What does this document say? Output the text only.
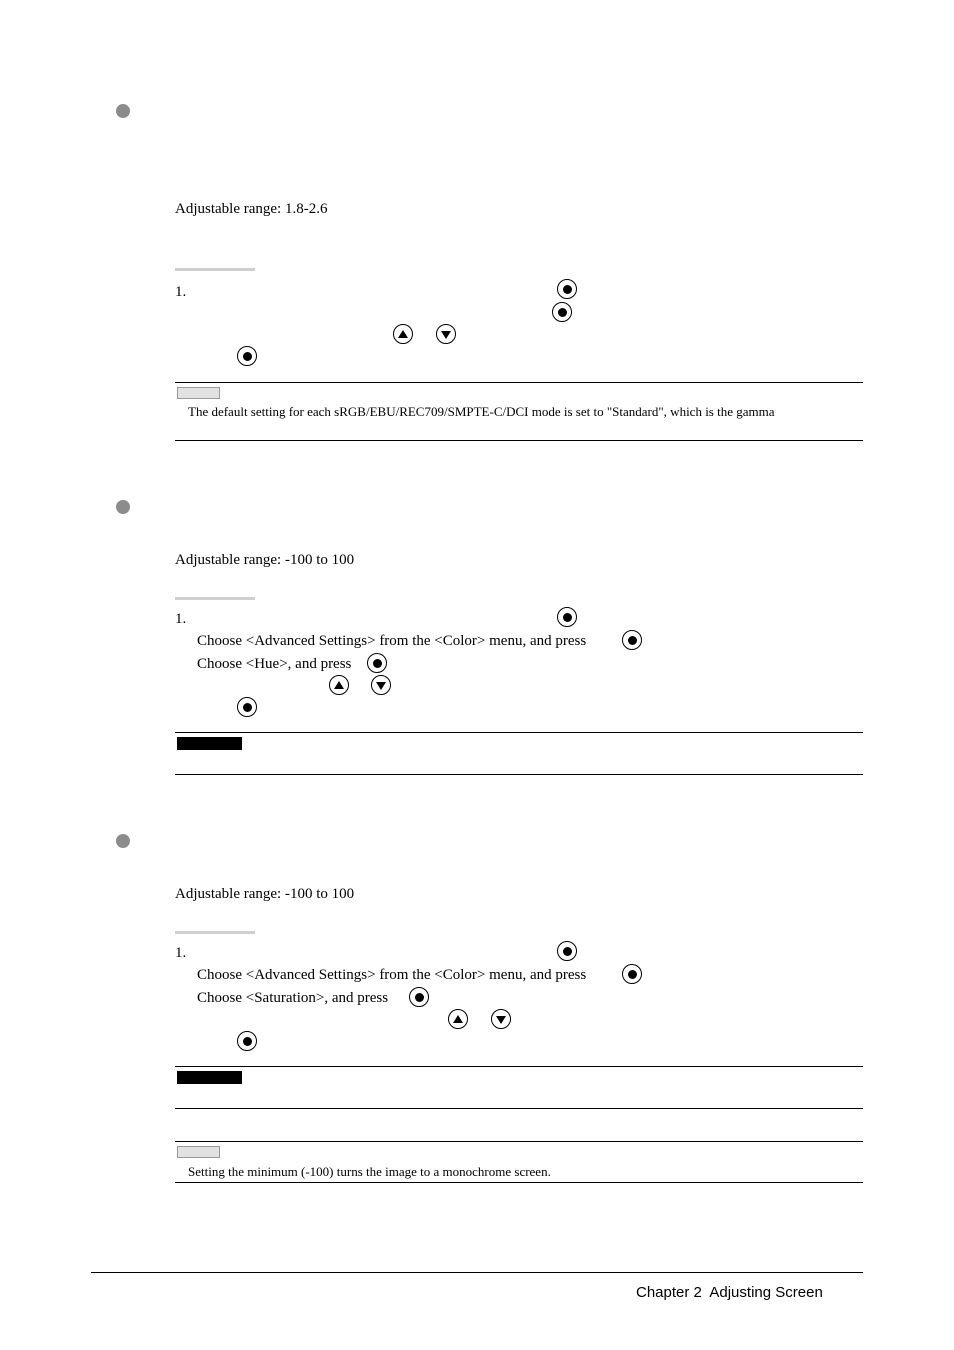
Adjustable range: 1.8-2.6
1.
The default setting for each sRGB/EBU/REC709/SMPTE-C/DCI mode is set to "Standard", which is the gamma
Adjustable range: -100 to 100
1.
Choose <Advanced Settings> from the <Color> menu, and press
Choose <Hue>, and press
Adjustable range: -100 to 100
1.
Choose <Advanced Settings> from the <Color> menu, and press
Choose <Saturation>, and press
Setting the minimum (-100) turns the image to a monochrome screen.
Chapter 2  Adjusting Screen
